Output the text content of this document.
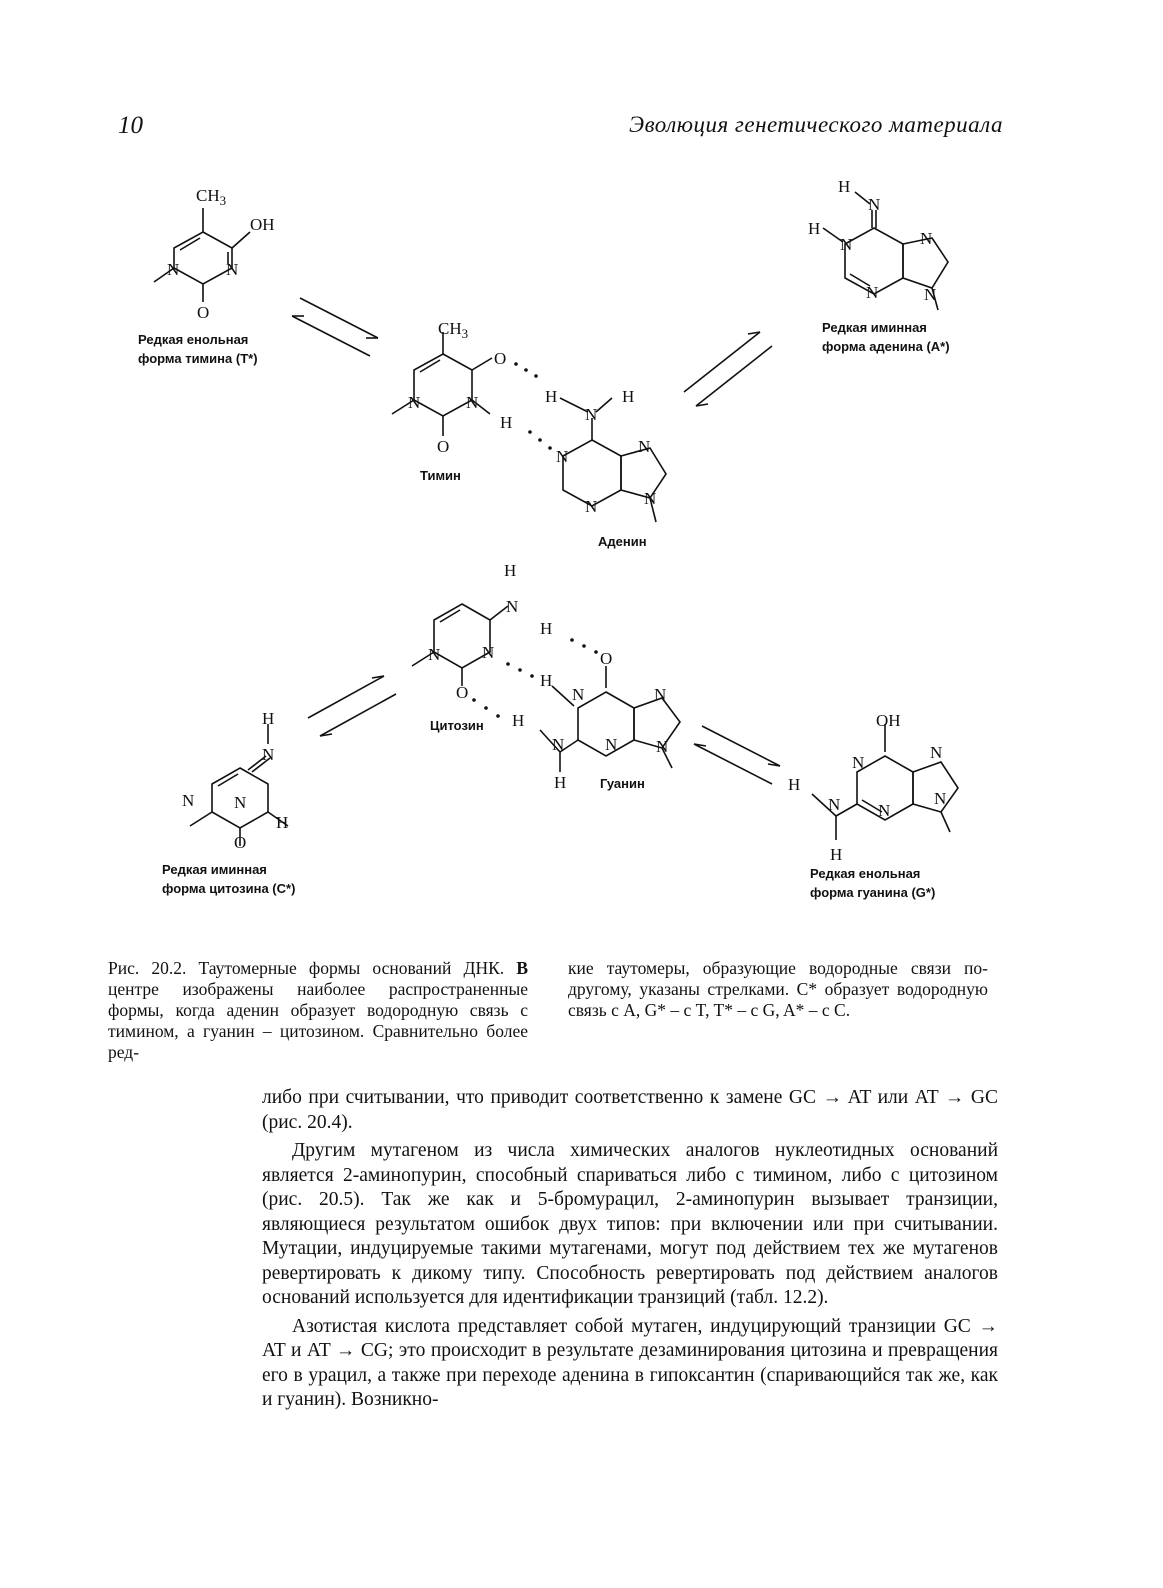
10	Эволюция генетического материала
$CH_3$
OH
N	N
O
H
N
H
N	N
N	N
$CH_3$
O
N	N
H
O
H
N
H
N
N
N	N
H
N
H
N N
O
O
H
N	N
H
N N N
H
H
N
N
N
H
O
OH
N
N
H
N N
N
H
Редкая енольная
форма тимина (T*)
Редкая иминная
форма аденина (A*)
Тимин
Аденин
Цитозин
Гуанин
Редкая иминная
форма цитозина (C*)
Редкая енольная
форма гуанина (G*)
Рис. 20.2. Таутомерные формы оснований ДНК. В центре изображены наиболее распространенные формы, когда аденин образует водородную связь с тимином, а гуанин – цитозином. Сравнительно более ред-
кие таутомеры, образующие водородные связи по-другому, указаны стрелками. C* образует водородную связь с A, G* – с T, T* – с G, A* – с C.

либо при считывании, что приводит соответственно к замене GC → AT или AT → GC (рис. 20.4).

Другим мутагеном из числа химических аналогов нуклеотидных оснований является 2-аминопурин, способный спариваться либо с тимином, либо с цитозином (рис. 20.5). Так же как и 5-бромурацил, 2-аминопурин вызывает транзиции, являющиеся результатом ошибок двух типов: при включении или при считывании. Мутации, индуцируемые такими мутагенами, могут под действием тех же мутагенов ревертировать к дикому типу. Способность ревертировать под действием аналогов оснований используется для идентификации транзиций (табл. 12.2).

Азотистая кислота представляет собой мутаген, индуцирующий транзиции GC → AT и AT → CG; это происходит в результате дезаминирования цитозина и превращения его в урацил, а также при переходе аденина в гипоксантин (спаривающийся так же, как и гуанин). Возникно-
